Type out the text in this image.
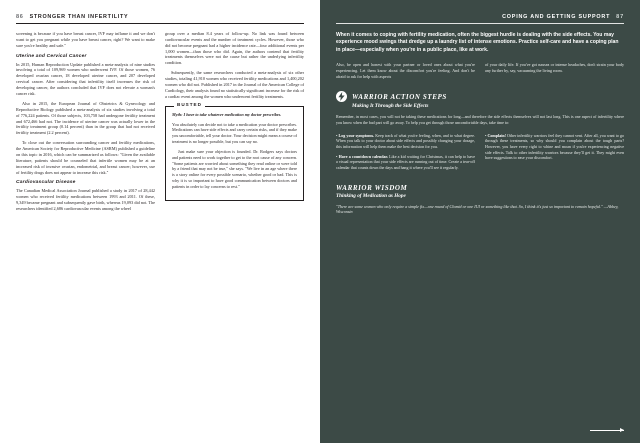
86 STRONGER THAN INFERTILITY

screening is because if you have breast cancer, IVF may inflame it and we don't want to get you pregnant while you have breast cancer, right? We want to make sure you're healthy and safe."

Uterine and Cervical Cancer

In 2015, Human Reproduction Update published a meta-analysis of nine studies involving a total of 109,969 women who underwent IVF. Of those women, 76 developed ovarian cancer, 18 developed uterine cancer, and 207 developed cervical cancer. After considering that infertility itself increases the risk of developing cancer, the authors concluded that IVF does not elevate a woman's cancer risk.

Also in 2015, the European Journal of Obstetrics & Gynecology and Reproductive Biology published a meta-analysis of six studies involving a total of 776,224 patients. Of those subjects, 103,758 had undergone fertility treatment and 672,466 had not. The incidence of uterine cancer was actually lower in the fertility treatment group (0.14 percent) than in the group that had not received fertility treatment (2.2 percent).

To close out the conversation surrounding cancer and fertility medications, the American Society for Reproductive Medicine (ASRM) published a guideline on this topic in 2016, which can be summarized as follows: "Given the available literature, patients should be counseled that infertile women may be at an increased risk of invasive ovarian, endometrial, and breast cancer; however, use of fertility drugs does not appear to increase this risk."

Cardiovascular Disease

The Canadian Medical Association Journal published a study in 2017 of 28,442 women who received fertility medications between 1993 and 2011. Of these, 9,349 became pregnant and subsequently gave birth, whereas 19,093 did not. The researchers identified 2,686 cardiovascular events among the wheel

group over a median 8.4 years of follow-up. No link was found between cardiovascular events and the number of treatment cycles. However, those who did not become pregnant had a higher incidence rate—four additional events per 1,000 women—than those who did. Again, the authors contend that fertility treatments themselves were not the cause but rather the underlying infertility condition.

Subsequently, the same researchers conducted a meta-analysis of six other studies, totaling 41,910 women who received fertility medications and 1,400,202 women who did not. Published in 2017 in the Journal of the American College of Cardiology, their analysis found no statistically significant increase for the risk of a cardiac event among the women who underwent fertility treatments.

BUSTED

Myth: I have to take whatever medication my doctor prescribes.

You absolutely can decide not to take a medication your doctor prescribes. Medications can have side effects and carry certain risks, and if they make you uncomfortable, tell your doctor. Your decision might mean a course of treatment is no longer possible, but you can say no.

Just make sure your objection is founded. Dr. Rodgers says doctors and patients need to work together to get to the root cause of any concern. "Some patients are worried about something they read online or were told by a friend that may not be true," she says. "We live in an age where there is a story online for every possible scenario, whether good or bad. This is why it is so important to have good communication between doctors and patients in order to lay concerns to rest."

COPING AND GETTING SUPPORT 87
When it comes to coping with fertility medication, often the biggest hurdle is dealing with the side effects. You may experience mood swings that dredge up a laundry list of intense emotions. Practice self-care and have a coping plan in place—especially when you're in a public place, like at work.

Also, be open and honest with your partner or loved ones about what you're experiencing. Let them know about the discomfort you're feeling. And don't be afraid to ask for help with aspects

of your daily life. If you've got nausea or intense headaches, don't strain your body any further by, say, vacuuming the living room.

WARRIOR ACTION STEPS
Making It Through the Side Effects

Remember, in most cases, you will not be taking these medications for long—and therefore the side effects themselves will not last long. This is one aspect of infertility where you know when the bad part will go away. To help you get through those uncomfortable days, take time to:

• Log your symptoms. Keep track of what you're feeling, when, and to what degree. When you talk to your doctor about side effects and possibly changing your dosage, this information will help them make the best decision for you.

• Have a countdown calendar. Like a kid waiting for Christmas, it can help to have a visual representation that your side effects are running out of time. Create a tear-off calendar that counts down the days and hang it where you'll see it regularly.

• Complain! Other infertility warriors feel they cannot vent. After all, you want to go through these treatments, so why should you complain about the tough parts? However, you have every right to whine and moan if you're experiencing negative side effects. Talk to other infertility warriors because they'll get it. They might even have suggestions to ease your discomfort.

WARRIOR WISDOM
Thinking of Medication as Hope
"There are some women who only require a simple fix—one round of Clomid or one IUI or something like that. So, I think it's just so important to remain hopeful." —Abbey, Wisconsin
